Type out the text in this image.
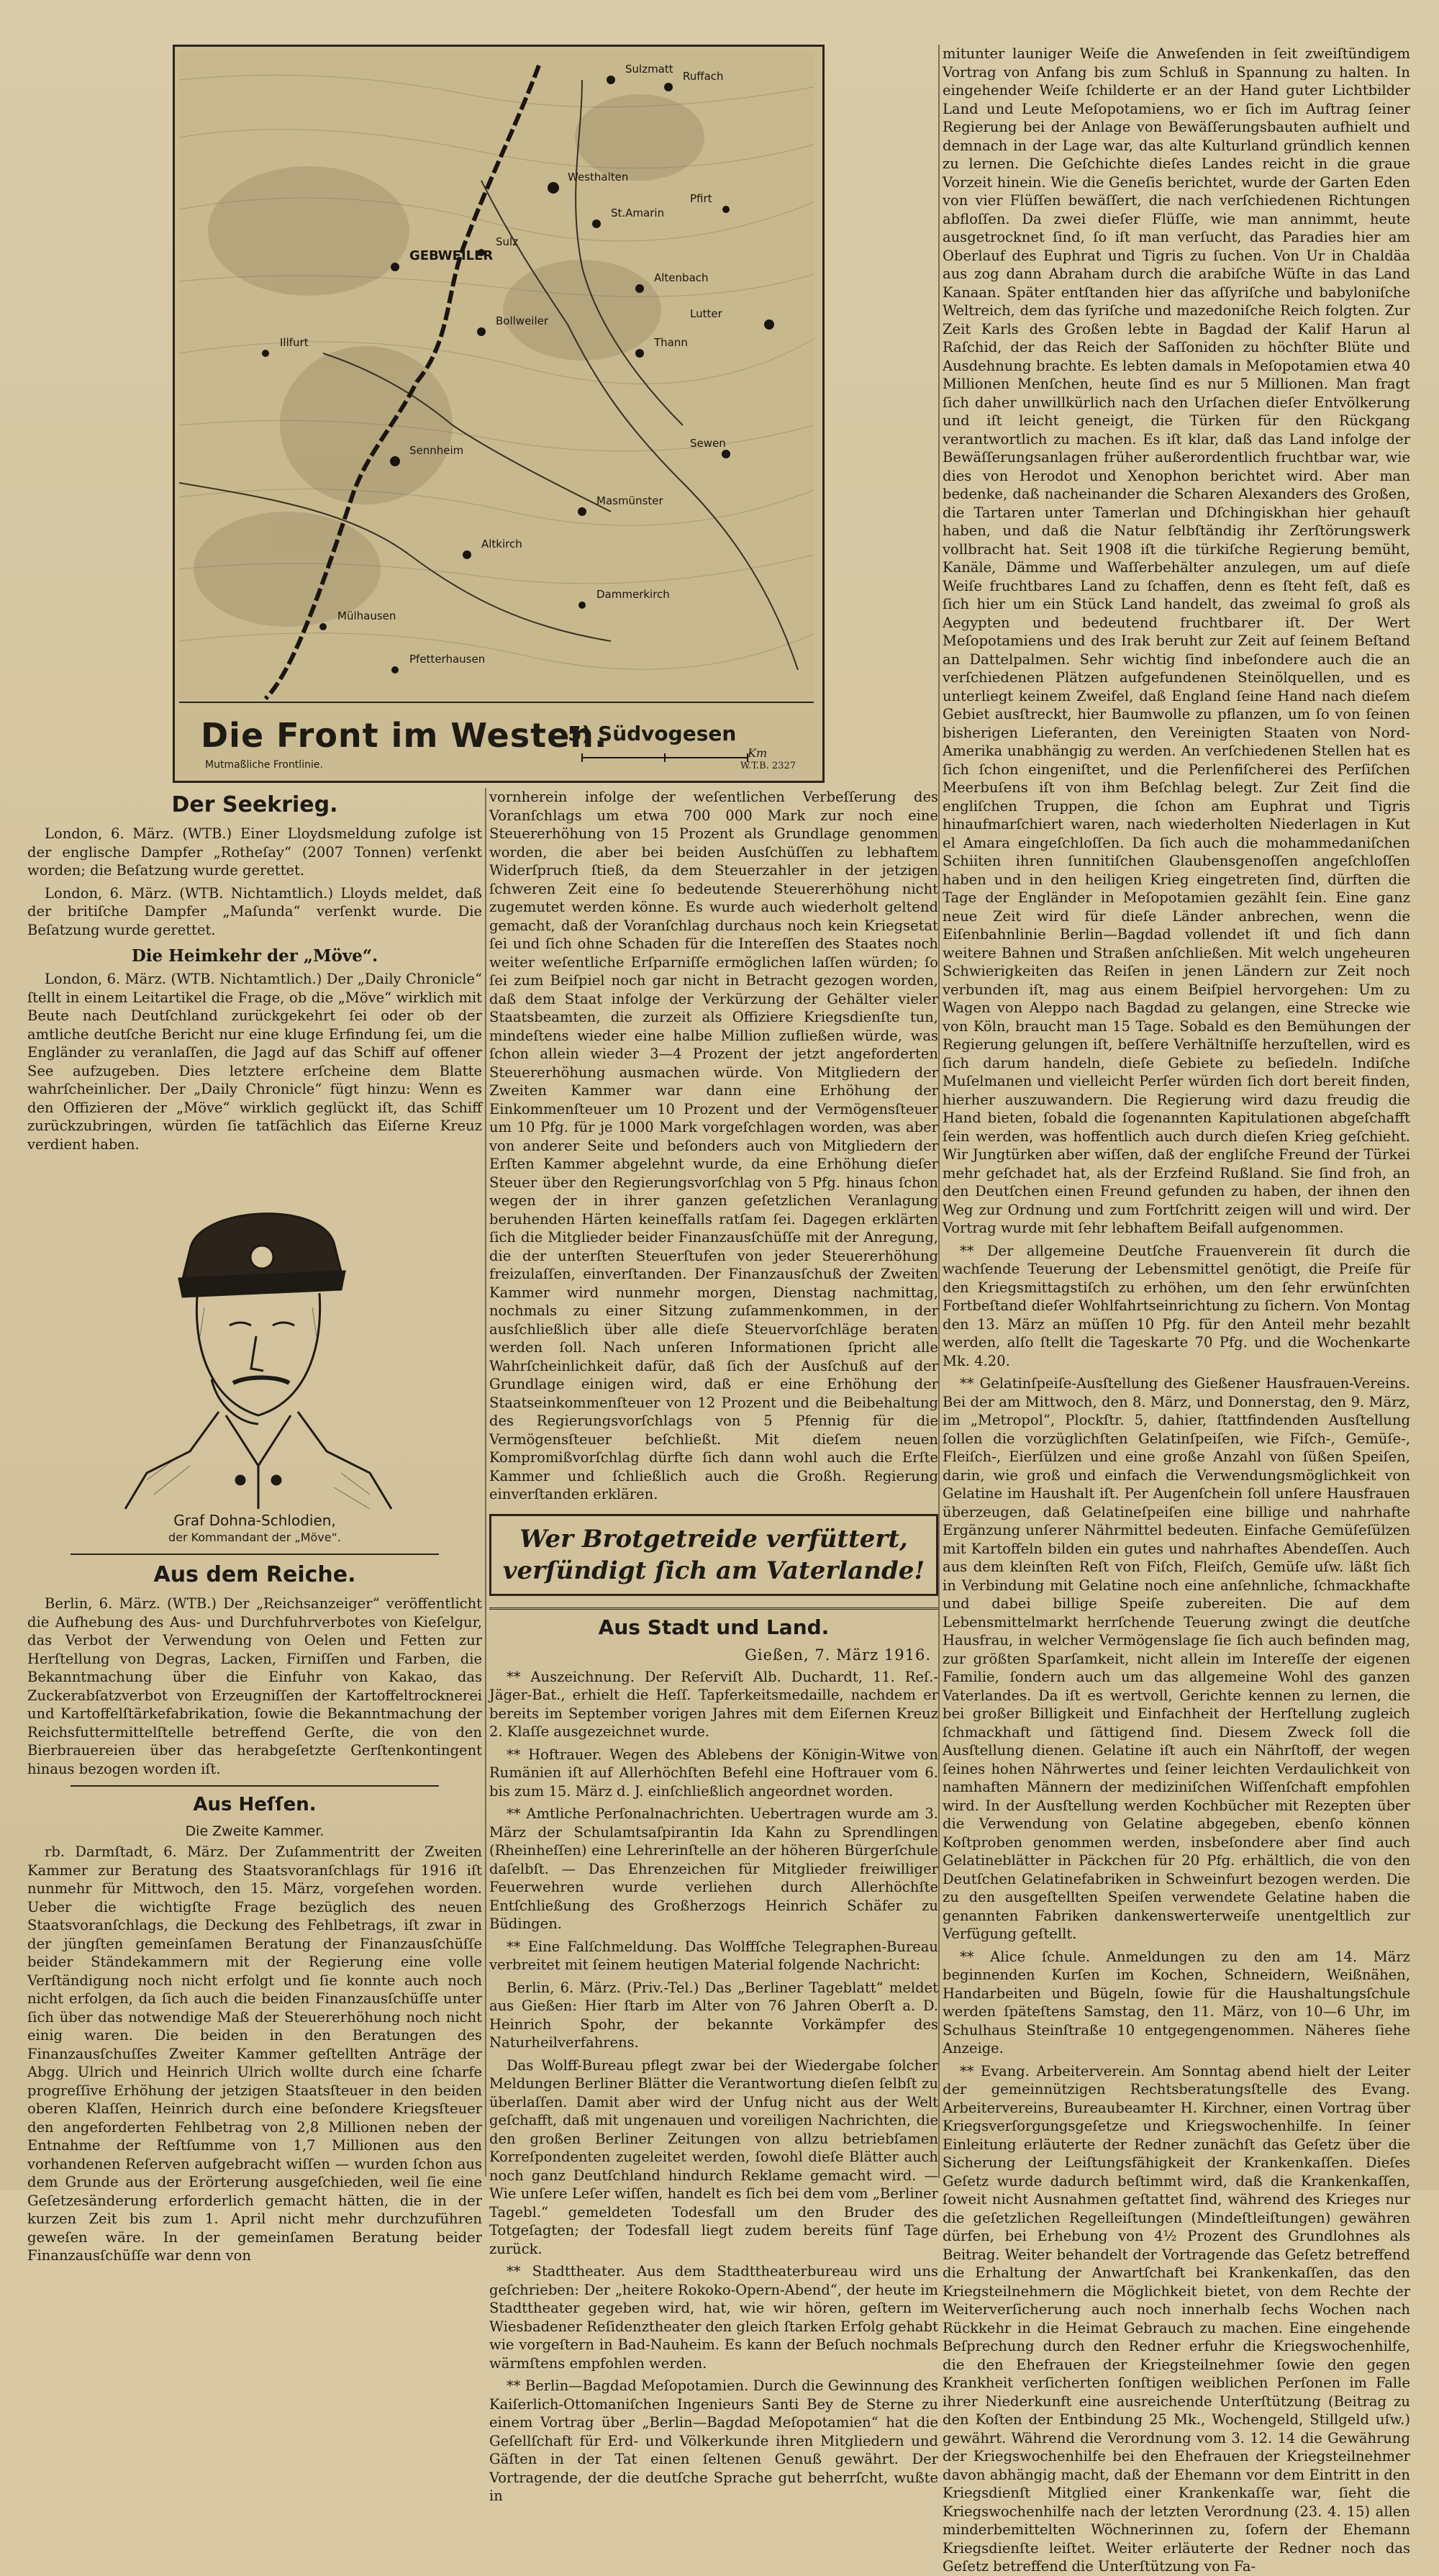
Sulzmatt
Ruffach
Westhalten
GEBWEILER
St.Amarin
Sulz
Altenbach
Bollweiler
Thann
Sennheim
Masmünster
Altkirch
Dammerkirch
Pfetterhausen
Lutter
Sewen
Mülhausen
Illfurt
Pfirt
Die Front im Westen.
5) Südvogesen
Km
Mutmaßliche Frontlinie.	W.T.B. 2327
Der Seekrieg.

London, 6. März. (WTB.) Einer Lloydsmeldung zufolge ist der englische Dampfer „Rotheſay“ (2007 Tonnen) verſenkt worden; die Beſatzung wurde gerettet.

London, 6. März. (WTB. Nichtamtlich.) Lloyds meldet, daß der britiſche Dampfer „Maſunda“ verſenkt wurde. Die Beſatzung wurde gerettet.

Die Heimkehr der „Möve“.

London, 6. März. (WTB. Nichtamtlich.) Der „Daily Chronicle“ ſtellt in einem Leitartikel die Frage, ob die „Möve“ wirklich mit Beute nach Deutſchland zurückgekehrt ſei oder ob der amtliche deutſche Bericht nur eine kluge Erfindung ſei, um die Engländer zu veranlaſſen, die Jagd auf das Schiff auf offener See aufzugeben. Dies letztere erſcheine dem Blatte wahrſcheinlicher. Der „Daily Chronicle“ fügt hinzu: Wenn es den Offizieren der „Möve“ wirklich geglückt iſt, das Schiff zurückzubringen, würden ſie tatſächlich das Eiſerne Kreuz verdient haben.

Graf Dohna-Schlodien,
der Kommandant der „Möve“.
Aus dem Reiche.

Berlin, 6. März. (WTB.) Der „Reichsanzeiger“ veröffentlicht die Aufhebung des Aus- und Durchfuhrverbotes von Kieſelgur, das Verbot der Verwendung von Oelen und Fetten zur Herſtellung von Degras, Lacken, Firniſſen und Farben, die Bekanntmachung über die Einfuhr von Kakao, das Zuckerabſatzverbot von Erzeugniſſen der Kartoffeltrocknerei und Kartoffelſtärkefabrikation, ſowie die Bekanntmachung der Reichsfuttermittelſtelle betreffend Gerſte, die von den Bierbrauereien über das herabgeſetzte Gerſtenkontingent hinaus bezogen worden iſt.

Aus Heſſen.
Die Zweite Kammer.

rb. Darmſtadt, 6. März. Der Zuſammentritt der Zweiten Kammer zur Beratung des Staatsvoranſchlags für 1916 iſt nunmehr für Mittwoch, den 15. März, vorgeſehen worden. Ueber die wichtigſte Frage bezüglich des neuen Staatsvoranſchlags, die Deckung des Fehlbetrags, iſt zwar in der jüngſten gemeinſamen Beratung der Finanzausſchüſſe beider Ständekammern mit der Regierung eine volle Verſtändigung noch nicht erfolgt und ſie konnte auch noch nicht erfolgen, da ſich auch die beiden Finanzausſchüſſe unter ſich über das notwendige Maß der Steuererhöhung noch nicht einig waren. Die beiden in den Beratungen des Finanzausſchuſſes Zweiter Kammer geſtellten Anträge der Abgg. Ulrich und Heinrich Ulrich wollte durch eine ſcharfe progreſſive Erhöhung der jetzigen Staatsſteuer in den beiden oberen Klaſſen, Heinrich durch eine beſondere Kriegsſteuer den angeforderten Fehlbetrag von 2,8 Millionen neben der Entnahme der Reſtſumme von 1,7 Millionen aus den vorhandenen Reſerven aufgebracht wiſſen — wurden ſchon aus dem Grunde aus der Erörterung ausgeſchieden, weil ſie eine Geſetzesänderung erforderlich gemacht hätten, die in der kurzen Zeit bis zum 1. April nicht mehr durchzuführen geweſen wäre. In der gemeinſamen Beratung beider Finanzausſchüſſe war denn von

vornherein infolge der weſentlichen Verbeſſerung des Voranſchlags um etwa 700 000 Mark zur noch eine Steuererhöhung von 15 Prozent als Grundlage genommen worden, die aber bei beiden Ausſchüſſen zu lebhaftem Widerſpruch ſtieß, da dem Steuerzahler in der jetzigen ſchweren Zeit eine ſo bedeutende Steuererhöhung nicht zugemutet werden könne. Es wurde auch wiederholt geltend gemacht, daß der Voranſchlag durchaus noch kein Kriegsetat ſei und ſich ohne Schaden für die Intereſſen des Staates noch weiter weſentliche Erſparniſſe ermöglichen laſſen würden; ſo ſei zum Beiſpiel noch gar nicht in Betracht gezogen worden, daß dem Staat infolge der Verkürzung der Gehälter vieler Staatsbeamten, die zurzeit als Offiziere Kriegsdienſte tun, mindeſtens wieder eine halbe Million zufließen würde, was ſchon allein wieder 3—4 Prozent der jetzt angeforderten Steuererhöhung ausmachen würde. Von Mitgliedern der Zweiten Kammer war dann eine Erhöhung der Einkommenſteuer um 10 Prozent und der Vermögensſteuer um 10 Pfg. für je 1000 Mark vorgeſchlagen worden, was aber von anderer Seite und beſonders auch von Mitgliedern der Erſten Kammer abgelehnt wurde, da eine Erhöhung dieſer Steuer über den Regierungsvorſchlag von 5 Pfg. hinaus ſchon wegen der in ihrer ganzen geſetzlichen Veranlagung beruhenden Härten keineſfalls ratſam ſei. Dagegen erklärten ſich die Mitglieder beider Finanzausſchüſſe mit der Anregung, die der unterſten Steuerſtufen von jeder Steuererhöhung freizulaſſen, einverſtanden. Der Finanzausſchuß der Zweiten Kammer wird nunmehr morgen, Dienstag nachmittag, nochmals zu einer Sitzung zuſammenkommen, in der ausſchließlich über alle dieſe Steuervorſchläge beraten werden ſoll. Nach unſeren Informationen ſpricht alle Wahrſcheinlichkeit dafür, daß ſich der Ausſchuß auf der Grundlage einigen wird, daß er eine Erhöhung der Staatseinkommenſteuer von 12 Prozent und die Beibehaltung des Regierungsvorſchlags von 5 Pfennig für die Vermögensſteuer beſchließt. Mit dieſem neuen Kompromißvorſchlag dürfte ſich dann wohl auch die Erſte Kammer und ſchließlich auch die Großh. Regierung einverſtanden erklären.

Wer Brotgetreide verfüttert, verſündigt ſich am Vaterlande!
Aus Stadt und Land.
Gießen, 7. März 1916.

** Auszeichnung. Der Reſerviſt Alb. Duchardt, 11. Reſ.-Jäger-Bat., erhielt die Heſſ. Tapferkeitsmedaille, nachdem er bereits im September vorigen Jahres mit dem Eiſernen Kreuz 2. Klaſſe ausgezeichnet wurde.

** Hoftrauer. Wegen des Ablebens der Königin-Witwe von Rumänien iſt auf Allerhöchſten Befehl eine Hoftrauer vom 6. bis zum 15. März d. J. einſchließlich angeordnet worden.

** Amtliche Perſonalnachrichten. Uebertragen wurde am 3. März der Schulamtsaſpirantin Ida Kahn zu Sprendlingen (Rheinheſſen) eine Lehrerinſtelle an der höheren Bürgerſchule daſelbſt. — Das Ehrenzeichen für Mitglieder freiwilliger Feuerwehren wurde verliehen durch Allerhöchſte Entſchließung des Großherzogs Heinrich Schäfer zu Büdingen.

** Eine Falſchmeldung. Das Wolffſche Telegraphen-Bureau verbreitet mit ſeinem heutigen Material folgende Nachricht:

Berlin, 6. März. (Priv.-Tel.) Das „Berliner Tageblatt“ meldet aus Gießen: Hier ſtarb im Alter von 76 Jahren Oberſt a. D. Heinrich Spohr, der bekannte Vorkämpfer des Naturheilverfahrens.

Das Wolff-Bureau pflegt zwar bei der Wiedergabe ſolcher Meldungen Berliner Blätter die Verantwortung dieſen ſelbſt zu überlaſſen. Damit aber wird der Unfug nicht aus der Welt geſchafft, daß mit ungenauen und voreiligen Nachrichten, die den großen Berliner Zeitungen von allzu betriebſamen Korreſpondenten zugeleitet werden, ſowohl dieſe Blätter auch noch ganz Deutſchland hindurch Reklame gemacht wird. — Wie unſere Leſer wiſſen, handelt es ſich bei dem vom „Berliner Tagebl.“ gemeldeten Todesfall um den Bruder des Totgeſagten; der Todesfall liegt zudem bereits fünf Tage zurück.

** Stadttheater. Aus dem Stadttheaterbureau wird uns geſchrieben: Der „heitere Rokoko-Opern-Abend“, der heute im Stadttheater gegeben wird, hat, wie wir hören, geſtern im Wiesbadener Reſidenztheater den gleich ſtarken Erfolg gehabt wie vorgeſtern in Bad-Nauheim. Es kann der Beſuch nochmals wärmſtens empfohlen werden.

** Berlin—Bagdad Meſopotamien. Durch die Gewinnung des Kaiſerlich-Ottomaniſchen Ingenieurs Santi Bey de Sterne zu einem Vortrag über „Berlin—Bagdad Meſopotamien“ hat die Geſellſchaft für Erd- und Völkerkunde ihren Mitgliedern und Gäſten in der Tat einen ſeltenen Genuß gewährt. Der Vortragende, der die deutſche Sprache gut beherrſcht, wußte in

mitunter launiger Weiſe die Anweſenden in ſeit zweiſtündigem Vortrag von Anfang bis zum Schluß in Spannung zu halten. In eingehender Weiſe ſchilderte er an der Hand guter Lichtbilder Land und Leute Meſopotamiens, wo er ſich im Auftrag ſeiner Regierung bei der Anlage von Bewäſſerungsbauten aufhielt und demnach in der Lage war, das alte Kulturland gründlich kennen zu lernen. Die Geſchichte dieſes Landes reicht in die graue Vorzeit hinein. Wie die Geneſis berichtet, wurde der Garten Eden von vier Flüſſen bewäſſert, die nach verſchiedenen Richtungen abfloſſen. Da zwei dieſer Flüſſe, wie man annimmt, heute ausgetrocknet ſind, ſo iſt man verſucht, das Paradies hier am Oberlauf des Euphrat und Tigris zu ſuchen. Von Ur in Chaldäa aus zog dann Abraham durch die arabiſche Wüſte in das Land Kanaan. Später entſtanden hier das aſſyriſche und babyloniſche Weltreich, dem das ſyriſche und mazedoniſche Reich folgten. Zur Zeit Karls des Großen lebte in Bagdad der Kalif Harun al Raſchid, der das Reich der Saſſoniden zu höchſter Blüte und Ausdehnung brachte. Es lebten damals in Meſopotamien etwa 40 Millionen Menſchen, heute ſind es nur 5 Millionen. Man fragt ſich daher unwillkürlich nach den Urſachen dieſer Entvölkerung und iſt leicht geneigt, die Türken für den Rückgang verantwortlich zu machen. Es iſt klar, daß das Land infolge der Bewäſſerungsanlagen früher außerordentlich fruchtbar war, wie dies von Herodot und Xenophon berichtet wird. Aber man bedenke, daß nacheinander die Scharen Alexanders des Großen, die Tartaren unter Tamerlan und Dſchingiskhan hier gehauſt haben, und daß die Natur ſelbſtändig ihr Zerſtörungswerk vollbracht hat. Seit 1908 iſt die türkiſche Regierung bemüht, Kanäle, Dämme und Waſſerbehälter anzulegen, um auf dieſe Weiſe fruchtbares Land zu ſchaffen, denn es ſteht feſt, daß es ſich hier um ein Stück Land handelt, das zweimal ſo groß als Aegypten und bedeutend fruchtbarer iſt. Der Wert Meſopotamiens und des Irak beruht zur Zeit auf ſeinem Beſtand an Dattelpalmen. Sehr wichtig ſind inbeſondere auch die an verſchiedenen Plätzen aufgefundenen Steinölquellen, und es unterliegt keinem Zweifel, daß England ſeine Hand nach dieſem Gebiet ausſtreckt, hier Baumwolle zu pflanzen, um ſo von ſeinen bisherigen Lieferanten, den Vereinigten Staaten von Nord-Amerika unabhängig zu werden. An verſchiedenen Stellen hat es ſich ſchon eingeniſtet, und die Perlenfiſcherei des Perſiſchen Meerbuſens iſt von ihm Beſchlag belegt. Zur Zeit ſind die engliſchen Truppen, die ſchon am Euphrat und Tigris hinaufmarſchiert waren, nach wiederholten Niederlagen in Kut el Amara eingeſchloſſen. Da ſich auch die mohammedaniſchen Schiiten ihren ſunnitiſchen Glaubensgenoſſen angeſchloſſen haben und in den heiligen Krieg eingetreten ſind, dürften die Tage der Engländer in Meſopotamien gezählt ſein. Eine ganz neue Zeit wird für dieſe Länder anbrechen, wenn die Eiſenbahnlinie Berlin—Bagdad vollendet iſt und ſich dann weitere Bahnen und Straßen anſchließen. Mit welch ungeheuren Schwierigkeiten das Reiſen in jenen Ländern zur Zeit noch verbunden iſt, mag aus einem Beiſpiel hervorgehen: Um zu Wagen von Aleppo nach Bagdad zu gelangen, eine Strecke wie von Köln, braucht man 15 Tage. Sobald es den Bemühungen der Regierung gelungen iſt, beſſere Verhältniſſe herzuſtellen, wird es ſich darum handeln, dieſe Gebiete zu beſiedeln. Indiſche Muſelmanen und vielleicht Perſer würden ſich dort bereit finden, hierher auszuwandern. Die Regierung wird dazu freudig die Hand bieten, ſobald die ſogenannten Kapitulationen abgeſchafft ſein werden, was hoffentlich auch durch dieſen Krieg geſchieht. Wir Jungtürken aber wiſſen, daß der engliſche Freund der Türkei mehr geſchadet hat, als der Erzfeind Rußland. Sie ſind froh, an den Deutſchen einen Freund gefunden zu haben, der ihnen den Weg zur Ordnung und zum Fortſchritt zeigen will und wird. Der Vortrag wurde mit ſehr lebhaftem Beifall aufgenommen.

** Der allgemeine Deutſche Frauenverein ſit durch die wachſende Teuerung der Lebensmittel genötigt, die Preiſe für den Kriegsmittagstiſch zu erhöhen, um den ſehr erwünſchten Fortbeſtand dieſer Wohlfahrtseinrichtung zu ſichern. Von Montag den 13. März an müſſen 10 Pfg. für den Anteil mehr bezahlt werden, alſo ſtellt die Tageskarte 70 Pfg. und die Wochenkarte Mk. 4.20.

** Gelatinſpeiſe-Ausſtellung des Gießener Hausfrauen-Vereins. Bei der am Mittwoch, den 8. März, und Donnerstag, den 9. März, im „Metropol“, Plockſtr. 5, dahier, ſtattfindenden Ausſtellung ſollen die vorzüglichſten Gelatinſpeiſen, wie Fiſch-, Gemüſe-, Fleiſch-, Eierſülzen und eine große Anzahl von ſüßen Speiſen, darin, wie groß und einfach die Verwendungsmöglichkeit von Gelatine im Haushalt iſt. Per Augenſchein ſoll unſere Hausfrauen überzeugen, daß Gelatineſpeiſen eine billige und nahrhafte Ergänzung unſerer Nährmittel bedeuten. Einfache Gemüſeſülzen mit Kartoffeln bilden ein gutes und nahrhaftes Abendeſſen. Auch aus dem kleinſten Reſt von Fiſch, Fleiſch, Gemüſe uſw. läßt ſich in Verbindung mit Gelatine noch eine anſehnliche, ſchmackhafte und dabei billige Speiſe zubereiten. Die auf dem Lebensmittelmarkt herrſchende Teuerung zwingt die deutſche Hausfrau, in welcher Vermögenslage ſie ſich auch befinden mag, zur größten Sparſamkeit, nicht allein im Intereſſe der eigenen Familie, ſondern auch um das allgemeine Wohl des ganzen Vaterlandes. Da iſt es wertvoll, Gerichte kennen zu lernen, die bei großer Billigkeit und Einfachheit der Herſtellung zugleich ſchmackhaft und ſättigend ſind. Diesem Zweck ſoll die Ausſtellung dienen. Gelatine iſt auch ein Nährſtoff, der wegen ſeines hohen Nährwertes und ſeiner leichten Verdaulichkeit von namhaften Männern der mediziniſchen Wiſſenſchaft empfohlen wird. In der Ausſtellung werden Kochbücher mit Rezepten über die Verwendung von Gelatine abgegeben, ebenſo können Koſtproben genommen werden, insbeſondere aber ſind auch Gelatineblätter in Päckchen für 20 Pfg. erhältlich, die von den Deutſchen Gelatinefabriken in Schweinfurt bezogen werden. Die zu den ausgeſtellten Speiſen verwendete Gelatine haben die genannten Fabriken dankenswerterweiſe unentgeltlich zur Verfügung geſtellt.

** Alice ſchule. Anmeldungen zu den am 14. März beginnenden Kurſen im Kochen, Schneidern, Weißnähen, Handarbeiten und Bügeln, ſowie für die Haushaltungsſchule werden ſpäteſtens Samstag, den 11. März, von 10—6 Uhr, im Schulhaus Steinſtraße 10 entgegengenommen. Näheres ſiehe Anzeige.

** Evang. Arbeiterverein. Am Sonntag abend hielt der Leiter der gemeinnützigen Rechtsberatungsſtelle des Evang. Arbeitervereins, Bureaubeamter H. Kirchner, einen Vortrag über Kriegsverſorgungsgeſetze und Kriegswochenhilfe. In ſeiner Einleitung erläuterte der Redner zunächſt das Geſetz über die Sicherung der Leiſtungsfähigkeit der Krankenkaſſen. Dieſes Geſetz wurde dadurch beſtimmt wird, daß die Krankenkaſſen, ſoweit nicht Ausnahmen geſtattet ſind, während des Krieges nur die geſetzlichen Regelleiſtungen (Mindeſtleiſtungen) gewähren dürfen, bei Erhebung von 4½ Prozent des Grundlohnes als Beitrag. Weiter behandelt der Vortragende das Geſetz betreffend die Erhaltung der Anwartſchaft bei Krankenkaſſen, das den Kriegsteilnehmern die Möglichkeit bietet, von dem Rechte der Weiterverſicherung auch noch innerhalb ſechs Wochen nach Rückkehr in die Heimat Gebrauch zu machen. Eine eingehende Beſprechung durch den Redner erfuhr die Kriegswochenhilfe, die den Ehefrauen der Kriegsteilnehmer ſowie den gegen Krankheit verſicherten ſonſtigen weiblichen Perſonen im Falle ihrer Niederkunft eine ausreichende Unterſtützung (Beitrag zu den Koſten der Entbindung 25 Mk., Wochengeld, Stillgeld uſw.) gewährt. Während die Verordnung vom 3. 12. 14 die Gewährung der Kriegswochenhilfe bei den Ehefrauen der Kriegsteilnehmer davon abhängig macht, daß der Ehemann vor dem Eintritt in den Kriegsdienſt Mitglied einer Krankenkaſſe war, ſieht die Kriegswochenhilfe nach der letzten Verordnung (23. 4. 15) allen minderbemittelten Wöchnerinnen zu, ſofern der Ehemann Kriegsdienſte leiſtet. Weiter erläuterte der Redner noch das Geſetz betreffend die Unterſtützung von Fa-
